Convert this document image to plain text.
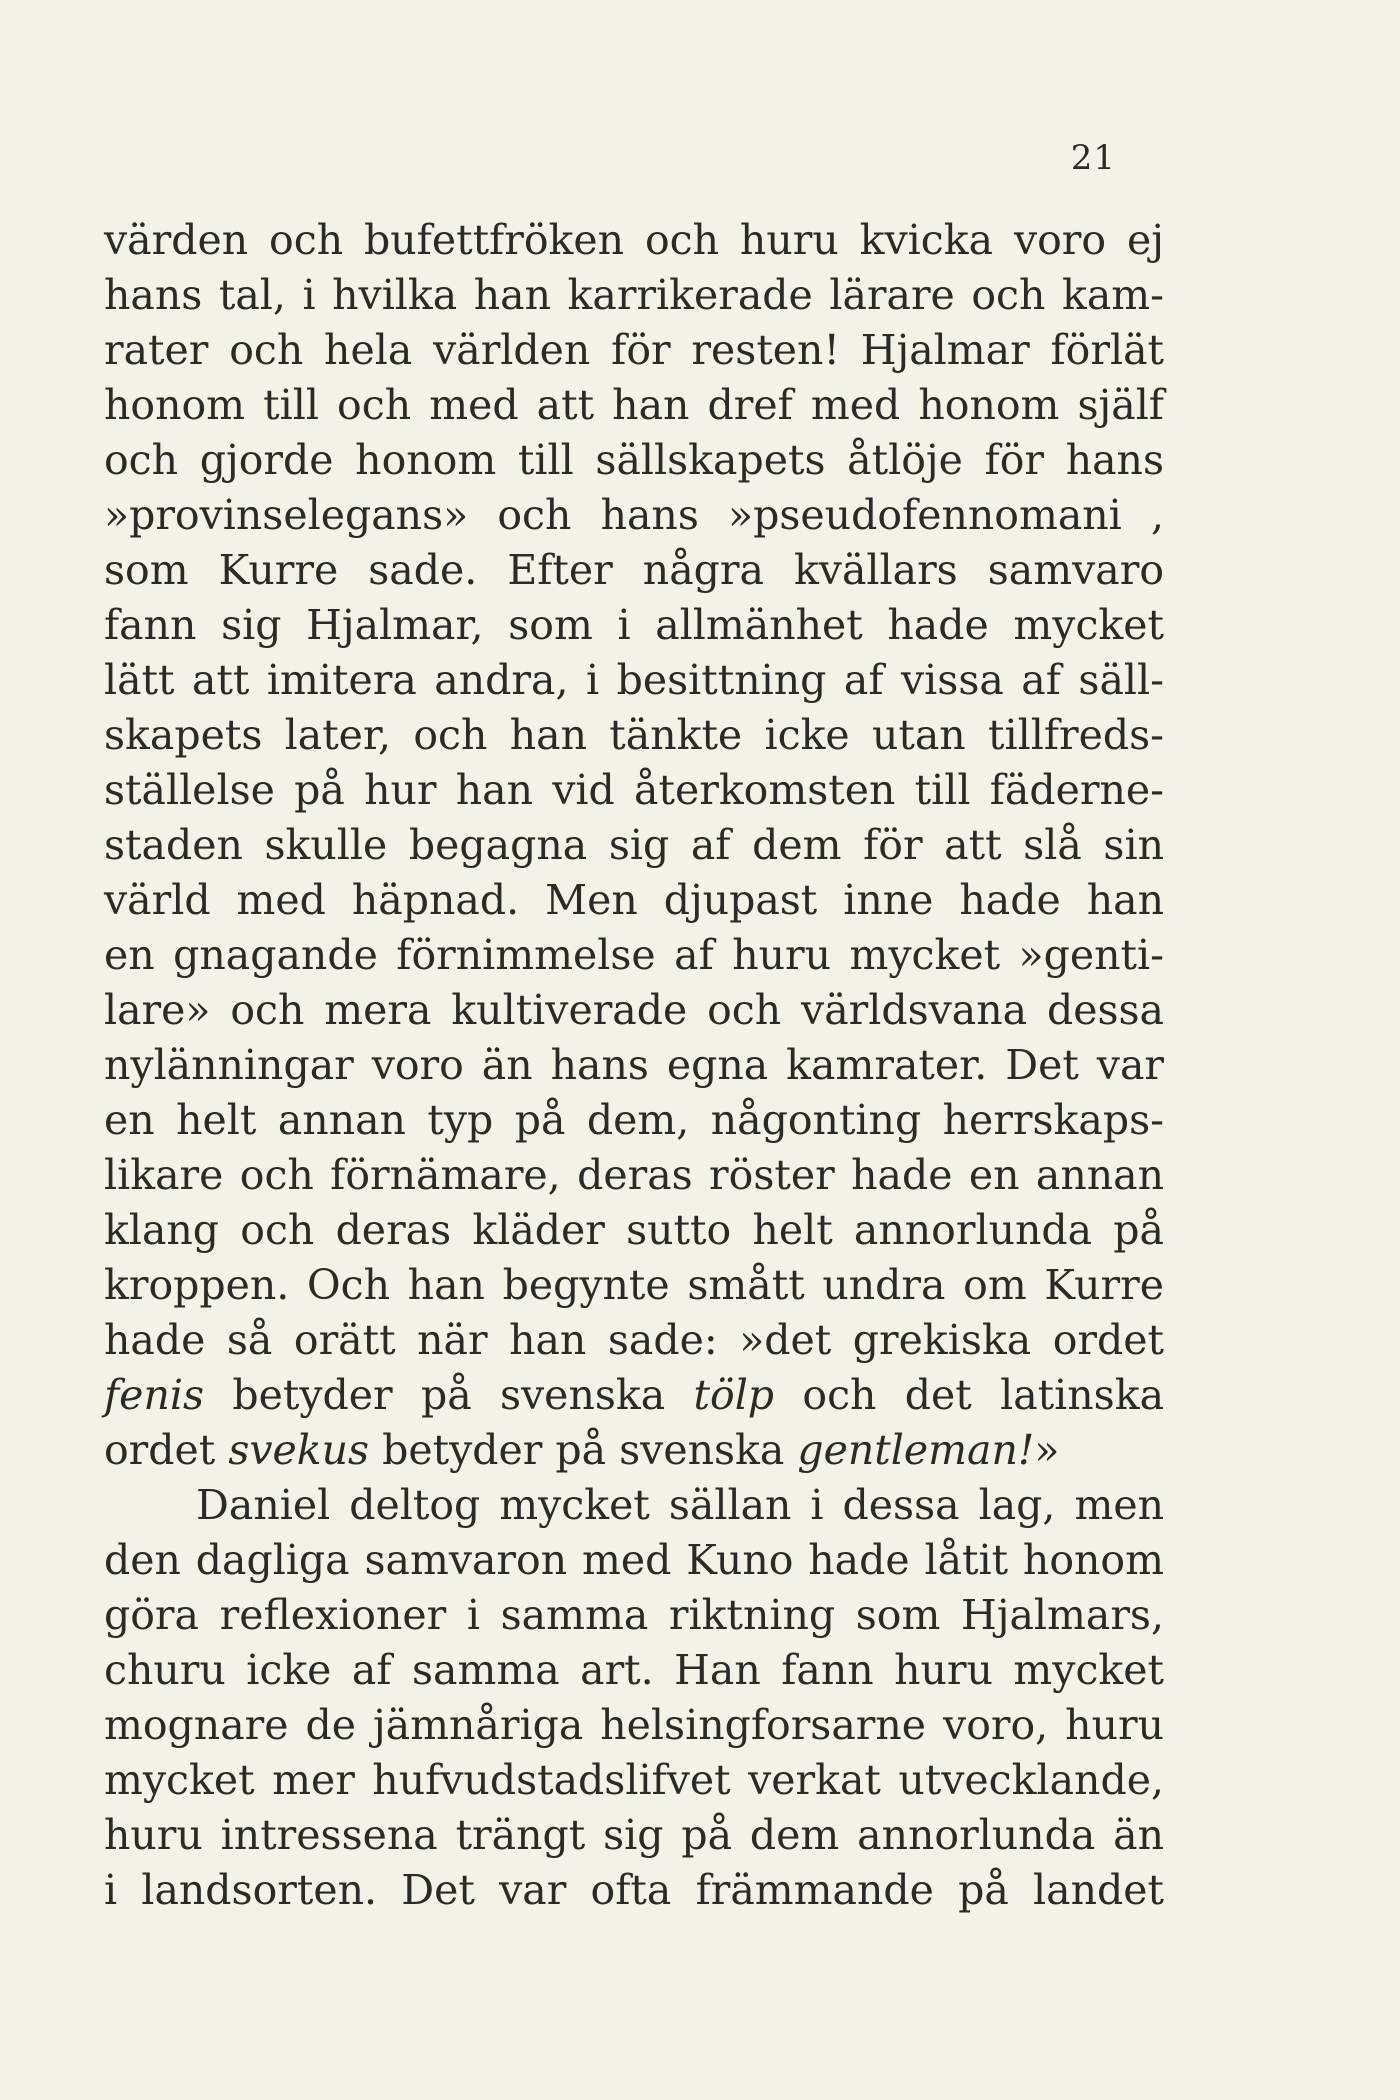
21
värden och bufettfröken och huru kvicka voro ej
hans tal, i hvilka han karrikerade lärare och kam-
rater och hela världen för resten! Hjalmar förlät
honom till och med att han dref med honom själf
och gjorde honom till sällskapets åtlöje för hans
»provinselegans» och hans »pseudofennomani ,
som Kurre sade. Efter några kvällars samvaro
fann sig Hjalmar, som i allmänhet hade mycket
lätt att imitera andra, i besittning af vissa af säll-
skapets later, och han tänkte icke utan tillfreds-
ställelse på hur han vid återkomsten till fäderne-
staden skulle begagna sig af dem för att slå sin
värld med häpnad. Men djupast inne hade han
en gnagande förnimmelse af huru mycket »genti-
lare» och mera kultiverade och världsvana dessa
nylänningar voro än hans egna kamrater. Det var
en helt annan typ på dem, någonting herrskaps-
likare och förnämare, deras röster hade en annan
klang och deras kläder sutto helt annorlunda på
kroppen. Och han begynte smått undra om Kurre
hade så orätt när han sade: »det grekiska ordet
fenis betyder på svenska tölp och det latinska
ordet svekus betyder på svenska gentleman!»
Daniel deltog mycket sällan i dessa lag, men
den dagliga samvaron med Kuno hade låtit honom
göra reflexioner i samma riktning som Hjalmars,
churu icke af samma art. Han fann huru mycket
mognare de jämnåriga helsingforsarne voro, huru
mycket mer hufvudstadslifvet verkat utvecklande,
huru intressena trängt sig på dem annorlunda än
i landsorten. Det var ofta främmande på landet
